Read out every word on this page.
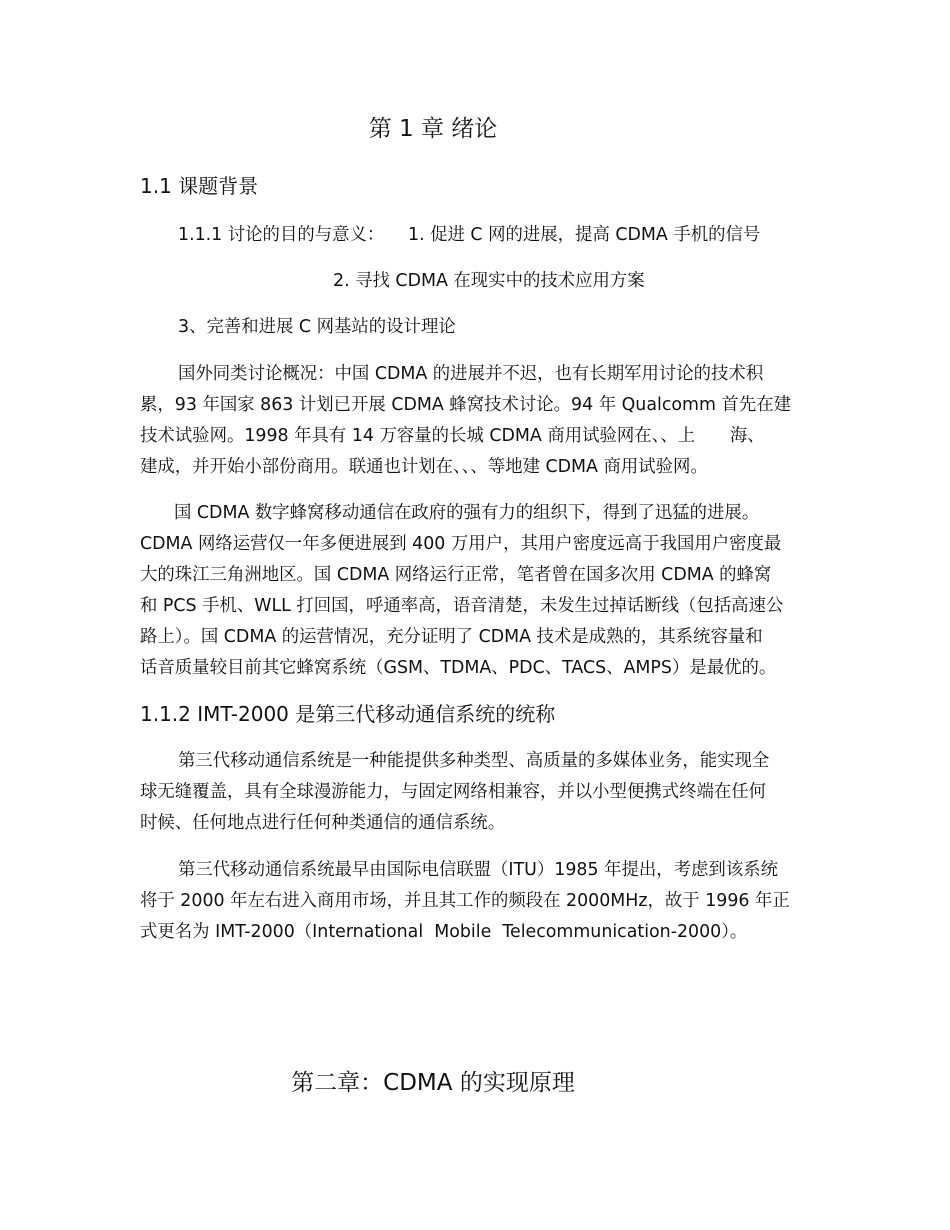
第 1 章 绪论
1.1 课题背景
1.1.1 讨论的目的与意义： 1. 促进 C 网的进展，提高 CDMA 手机的信号
2. 寻找 CDMA 在现实中的技术应用方案
3、完善和进展 C 网基站的设计理论
国外同类讨论概况：中国 CDMA 的进展并不迟，也有长期军用讨论的技术积
累，93 年国家 863 计划已开展 CDMA 蜂窝技术讨论。94 年 Qualcomm 首先在建
技术试验网。1998 年具有 14 万容量的长城 CDMA 商用试验网在、、上　　海、
建成，并开始小部份商用。联通也计划在、、、等地建 CDMA 商用试验网。
国 CDMA 数字蜂窝移动通信在政府的强有力的组织下，得到了迅猛的进展。
CDMA 网络运营仅一年多便进展到 400 万用户，其用户密度远高于我国用户密度最
大的珠江三角洲地区。国 CDMA 网络运行正常，笔者曾在国多次用 CDMA 的蜂窝
和 PCS 手机、WLL 打回国，呼通率高，语音清楚，未发生过掉话断线（包括高速公
路上）。国 CDMA 的运营情况，充分证明了 CDMA 技术是成熟的，其系统容量和
话音质量较目前其它蜂窝系统（GSM、TDMA、PDC、TACS、AMPS）是最优的。
1.1.2 IMT-2000 是第三代移动通信系统的统称
第三代移动通信系统是一种能提供多种类型、高质量的多媒体业务，能实现全
球无缝覆盖，具有全球漫游能力，与固定网络相兼容，并以小型便携式终端在任何
时候、任何地点进行任何种类通信的通信系统。
第三代移动通信系统最早由国际电信联盟（ITU）1985 年提出，考虑到该系统
将于 2000 年左右进入商用市场，并且其工作的频段在 2000MHz，故于 1996 年正
式更名为 IMT-2000（International  Mobile  Telecommunication-2000）。
第二章：CDMA 的实现原理
